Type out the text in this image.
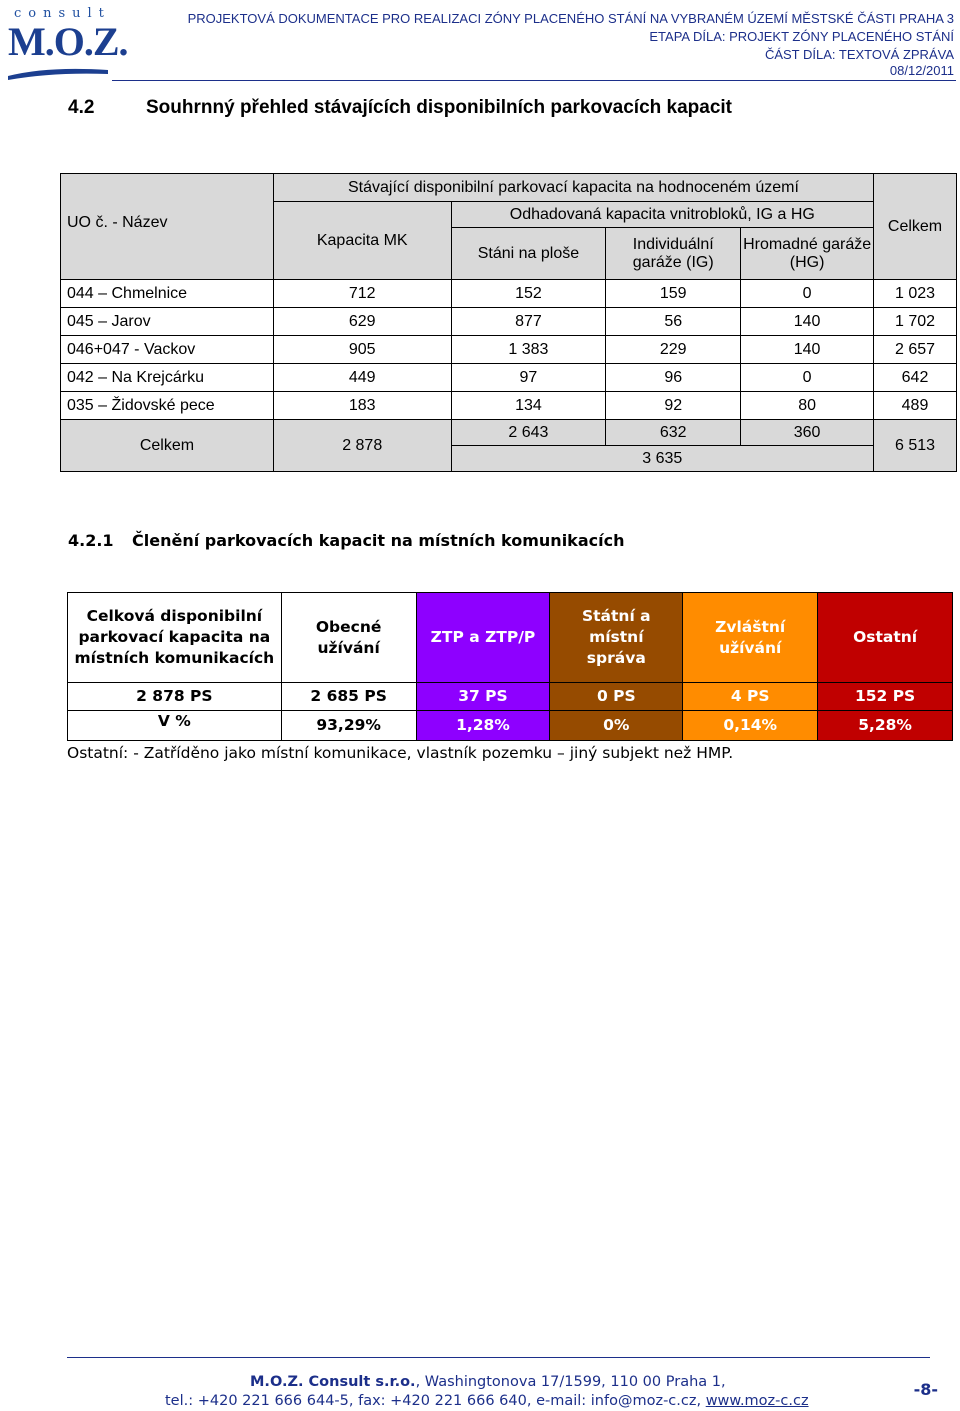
consult
M.O.Z.
PROJEKTOVÁ DOKUMENTACE PRO REALIZACI ZÓNY PLACENÉHO STÁNÍ NA VYBRANÉM ÚZEMÍ MĚSTSKÉ ČÁSTI PRAHA 3
ETAPA DÍLA: PROJEKT ZÓNY PLACENÉHO STÁNÍ
ČÁST DÍLA: TEXTOVÁ ZPRÁVA
08/12/2011
4.2	Souhrnný přehled stávajících disponibilních parkovacích kapacit
UO č. - Název	Stávající disponibilní parkovací kapacita na hodnoceném území				Celkem
	Kapacita MK	Odhadovaná kapacita vnitrobloků, IG a HG			
		Stáni na ploše	Individuální garáže (IG)	Hromadné garáže (HG)	
044 – Chmelnice	712	152	159	0	1 023
045 – Jarov	629	877	56	140	1 702
046+047 - Vackov	905	1 383	229	140	2 657
042 – Na Krejcárku	449	97	96	0	642
035 – Židovské pece	183	134	92	80	489
Celkem	2 878	2 643	632	360	6 513
		3 635			
4.2.1 Členění parkovacích kapacit na místních komunikacích
Celková disponibilní parkovací kapacita na místních komunikacích	Obecné užívání	ZTP a ZTP/P	Státní a místní správa	Zvláštní užívání	Ostatní
2 878 PS	2 685 PS	37 PS	0 PS	4 PS	152 PS
V %	93,29%	1,28%	0%	0,14%	5,28%
Ostatní: - Zatříděno jako místní komunikace, vlastník pozemku – jiný subjekt než HMP.
M.O.Z. Consult s.r.o., Washingtonova 17/1599, 110 00 Praha 1,
tel.: +420 221 666 644-5, fax: +420 221 666 640, e-mail: info@moz-c.cz, www.moz-c.cz
-8-
